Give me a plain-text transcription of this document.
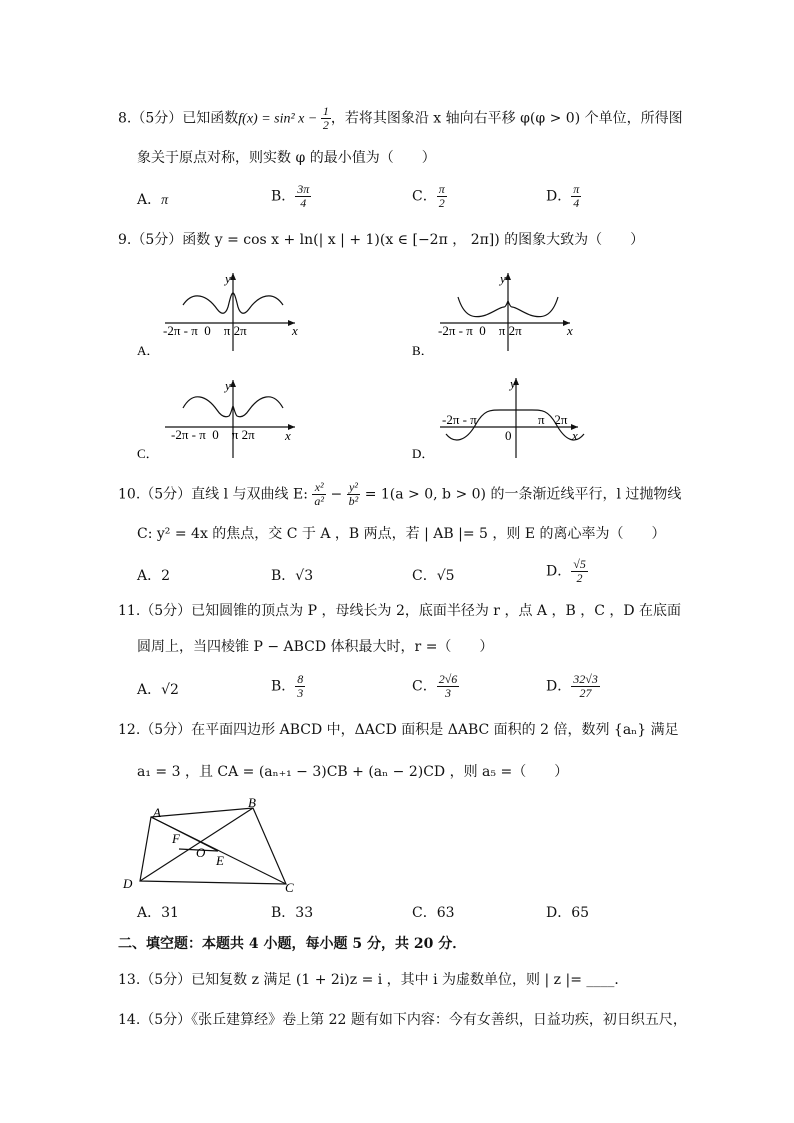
8.（5分）已知函数f(x) = sin² $x - \frac{1}{2}$ ，若将其图象沿 x 轴向右平移 φ(φ > 0) 个单位，所得图
象关于原点对称，则实数 φ 的最小值为（　　）
A．π	B． $\frac{3\pi}{4}$	C． $\frac{\pi}{2}$	D． $\frac{\pi}{4}$
9.（5分）函数 y = cos x + ln(| x | + 1)(x ∈ [−2π ， 2π]) 的图象大致为（　　）
y
x
-2π - π  0    π 2π
A．
y
x
-2π - π  0    π 2π
B．
y
x
-2π - π  0    π 2π
C．
y
x
-2π - π	π   2π
0
D．
10.（5分）直线 l 与双曲线 E: $\frac{\text{x²}}{\text{a²}} - \frac{\text{y²}}{\text{b²}} = 1(a > 0$, b > 0) 的一条渐近线平行，l 过抛物线
C: y² = 4x 的焦点，交 C 于 A ，B 两点，若 | AB |= 5 ，则 E 的离心率为（　　）
A．2	B．√3	C．√5	D． $\frac{√5}{2}$
11.（5分）已知圆锥的顶点为 P ，母线长为 2，底面半径为 r ，点 A ，B ，C ，D 在底面
圆周上，当四棱锥 P − ABCD 体积最大时，r =（　　）
A．√2	B． $\frac{8}{3}$	C． $\frac{2√6}{3}$	D． $\frac{32√3}{27}$
12.（5分）在平面四边形 ABCD 中，ΔACD 面积是 ΔABC 面积的 2 倍，数列 {aₙ} 满足
a₁ = 3 ，且 CA = (aₙ₊₁ − 3)CB + (aₙ − 2)CD ，则 a₅ =（　　）
A
B
C
D
F
O
E
A．31	B．33	C．63	D．65
二、填空题：本题共 4 小题，每小题 5 分，共 20 分．
13.（5分）已知复数 z 满足 (1 + 2i)z = i ，其中 i 为虚数单位，则 | z |= ____．
14.（5分）《张丘建算经》卷上第 22 题有如下内容：今有女善织，日益功疾，初日织五尺，
